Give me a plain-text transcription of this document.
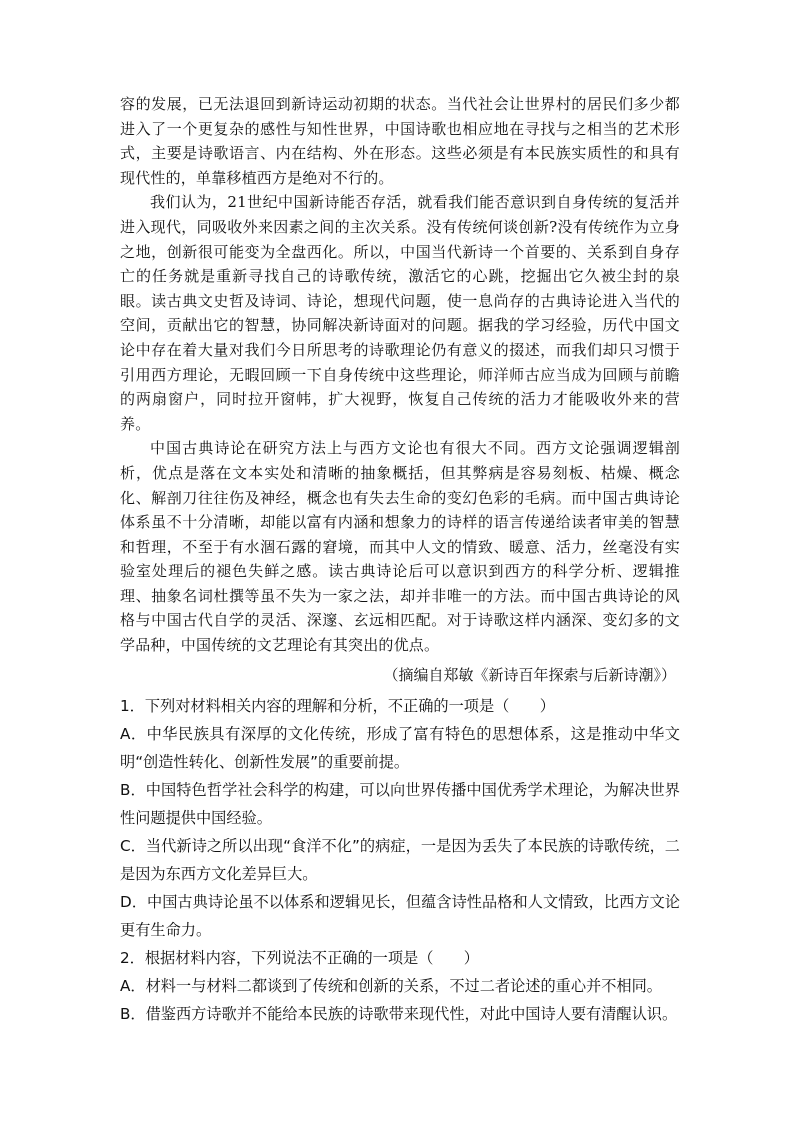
容的发展，已无法退回到新诗运动初期的状态。当代社会让世界村的居民们多少都进入了一个更复杂的感性与知性世界，中国诗歌也相应地在寻找与之相当的艺术形式，主要是诗歌语言、内在结构、外在形态。这些必须是有本民族实质性的和具有现代性的，单靠移植西方是绝对不行的。

我们认为，21世纪中国新诗能否存活，就看我们能否意识到自身传统的复活并进入现代，同吸收外来因素之间的主次关系。没有传统何谈创新?没有传统作为立身之地，创新很可能变为全盘西化。所以，中国当代新诗一个首要的、关系到自身存亡的任务就是重新寻找自己的诗歌传统，激活它的心跳，挖掘出它久被尘封的泉眼。读古典文史哲及诗词、诗论，想现代问题，使一息尚存的古典诗论进入当代的空间，贡献出它的智慧，协同解决新诗面对的问题。据我的学习经验，历代中国文论中存在着大量对我们今日所思考的诗歌理论仍有意义的掇述，而我们却只习惯于引用西方理论，无暇回顾一下自身传统中这些理论，师洋师古应当成为回顾与前瞻的两扇窗户，同时拉开窗帏，扩大视野，恢复自己传统的活力才能吸收外来的营养。

中国古典诗论在研究方法上与西方文论也有很大不同。西方文论强调逻辑剖析，优点是落在文本实处和清晰的抽象概括，但其弊病是容易刻板、枯燥、概念化、解剖刀往往伤及神经，概念也有失去生命的变幻色彩的毛病。而中国古典诗论体系虽不十分清晰，却能以富有内涵和想象力的诗样的语言传递给读者审美的智慧和哲理，不至于有水涸石露的窘境，而其中人文的情致、暖意、活力，丝毫没有实验室处理后的褪色失鲜之感。读古典诗论后可以意识到西方的科学分析、逻辑推理、抽象名词杜撰等虽不失为一家之法，却并非唯一的方法。而中国古典诗论的风格与中国古代自学的灵活、深邃、玄远相匹配。对于诗歌这样内涵深、变幻多的文学品种，中国传统的文艺理论有其突出的优点。

（摘编自郑敏《新诗百年探索与后新诗潮》）

1．下列对材料相关内容的理解和分析，不正确的一项是（　　）

A．中华民族具有深厚的文化传统，形成了富有特色的思想体系，这是推动中华文明“创造性转化、创新性发展”的重要前提。

B．中国特色哲学社会科学的构建，可以向世界传播中国优秀学术理论，为解决世界性问题提供中国经验。

C．当代新诗之所以出现“食洋不化”的病症，一是因为丢失了本民族的诗歌传统，二是因为东西方文化差异巨大。

D．中国古典诗论虽不以体系和逻辑见长，但蕴含诗性品格和人文情致，比西方文论更有生命力。

2．根据材料内容，下列说法不正确的一项是（　　）

A．材料一与材料二都谈到了传统和创新的关系，不过二者论述的重心并不相同。

B．借鉴西方诗歌并不能给本民族的诗歌带来现代性，对此中国诗人要有清醒认识。
